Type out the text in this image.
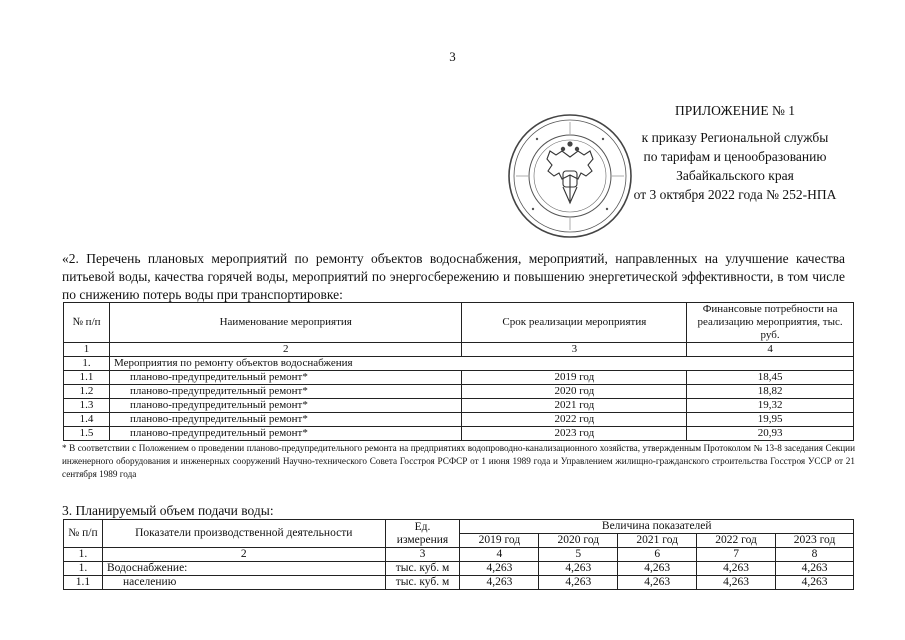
3
ПРИЛОЖЕНИЕ № 1
к приказу Региональной службы
по тарифам и ценообразованию
Забайкальского края
от 3 октября 2022 года № 252-НПА
«2. Перечень плановых мероприятий по ремонту объектов водоснабжения, мероприятий, направленных на улучшение качества питьевой воды, качества горячей воды, мероприятий по энергосбережению и повышению энергетической эффективности, в том числе по снижению потерь воды при транспортировке:
№ п/п	Наименование мероприятия	Срок реализации мероприятия	Финансовые потребности на реализацию мероприятия, тыс. руб.
1	2	3	4
1.	Мероприятия по ремонту объектов водоснабжения		
1.1	планово-предупредительный ремонт*	2019 год	18,45
1.2	планово-предупредительный ремонт*	2020 год	18,82
1.3	планово-предупредительный ремонт*	2021 год	19,32
1.4	планово-предупредительный ремонт*	2022 год	19,95
1.5	планово-предупредительный ремонт*	2023 год	20,93
* В соответствии с Положением о проведении планово-предупредительного ремонта на предприятиях водопроводно-канализационного хозяйства, утвержденным Протоколом № 13-8 заседания Секции инженерного оборудования и инженерных сооружений Научно-технического Совета Госстроя РСФСР от 1 июня 1989 года и Управлением жилищно-гражданского строительства Госстроя УССР от 21 сентября 1989 года
3. Планируемый объем подачи воды:
№ п/п	Показатели производственной деятельности	Ед. измерения	Величина показателей				
			2019 год	2020 год	2021 год	2022 год	2023 год
1.	2	3	4	5	6	7	8
1.	Водоснабжение:	тыс. куб. м	4,263	4,263	4,263	4,263	4,263
1.1	населению	тыс. куб. м	4,263	4,263	4,263	4,263	4,263
